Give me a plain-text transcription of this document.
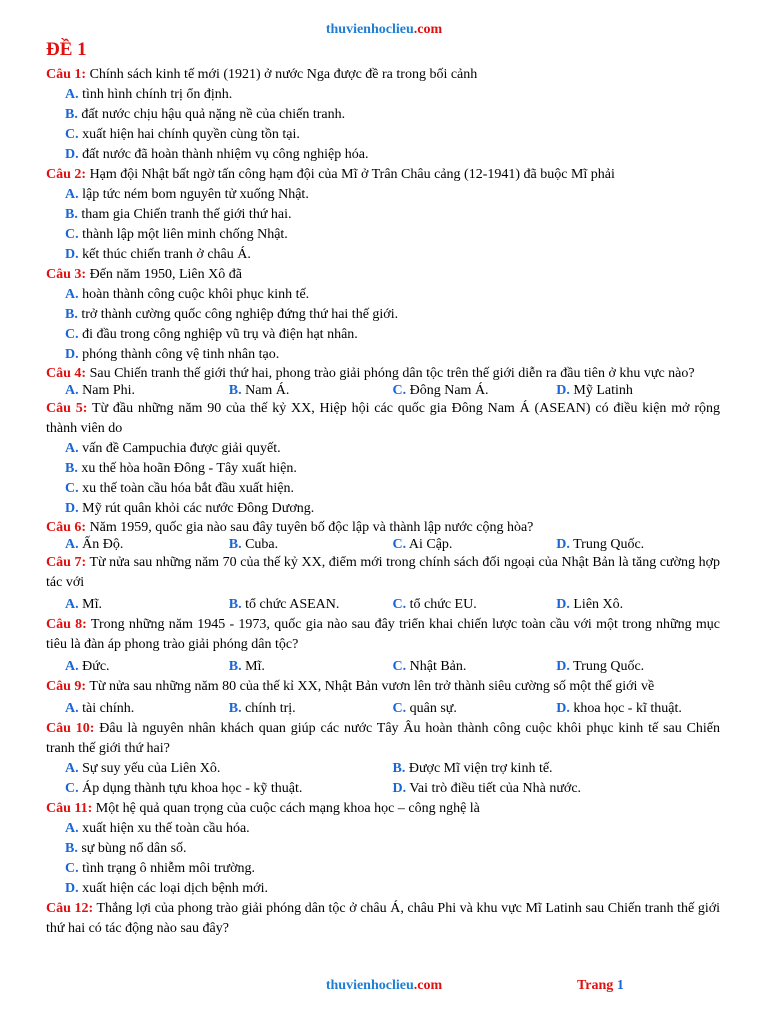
thuvienhoclieu.com
ĐỀ 1
Câu 1: Chính sách kinh tế mới (1921) ở nước Nga được đề ra trong bối cảnh
A. tình hình chính trị ổn định.
B. đất nước chịu hậu quả nặng nề của chiến tranh.
C. xuất hiện hai chính quyền cùng tồn tại.
D. đất nước đã hoàn thành nhiệm vụ công nghiệp hóa.
Câu 2: Hạm đội Nhật bất ngờ tấn công hạm đội của Mĩ ở Trân Châu cảng (12-1941) đã buộc Mĩ phải
A. lập tức ném bom nguyên tử xuống Nhật.
B. tham gia Chiến tranh thế giới thứ hai.
C. thành lập một liên minh chống Nhật.
D. kết thúc chiến tranh ở châu Á.
Câu 3: Đến năm 1950, Liên Xô đã
A. hoàn thành công cuộc khôi phục kinh tế.
B. trở thành cường quốc công nghiệp đứng thứ hai thế giới.
C. đi đầu trong công nghiệp vũ trụ và điện hạt nhân.
D. phóng thành công vệ tinh nhân tạo.
Câu 4: Sau Chiến tranh thế giới thứ hai, phong trào giải phóng dân tộc trên thế giới diễn ra đầu tiên ở khu vực nào?
A. Nam Phi.	B. Nam Á.	C. Đông Nam Á.	D. Mỹ Latinh
Câu 5: Từ đầu những năm 90 của thế kỷ XX, Hiệp hội các quốc gia Đông Nam Á (ASEAN) có điều kiện mở rộng thành viên do
A. vấn đề Campuchia được giải quyết.
B. xu thế hòa hoãn Đông - Tây xuất hiện.
C. xu thế toàn cầu hóa bắt đầu xuất hiện.
D. Mỹ rút quân khỏi các nước Đông Dương.
Câu 6: Năm 1959, quốc gia nào sau đây tuyên bố độc lập và thành lập nước cộng hòa?
A. Ấn Độ.	B. Cuba.	C. Ai Cập.	D. Trung Quốc.
Câu 7: Từ nửa sau những năm 70 của thế kỷ XX, điểm mới trong chính sách đối ngoại của Nhật Bản là tăng cường hợp tác với
A. Mĩ.	B. tổ chức ASEAN.	C. tổ chức EU.	D. Liên Xô.
Câu 8: Trong những năm 1945 - 1973, quốc gia nào sau đây triển khai chiến lược toàn cầu với một trong những mục tiêu là đàn áp phong trào giải phóng dân tộc?
A. Đức.	B. Mĩ.	C. Nhật Bản.	D. Trung Quốc.
Câu 9: Từ nửa sau những năm 80 của thế kỉ XX, Nhật Bản vươn lên trở thành siêu cường số một thế giới về
A. tài chính.	B. chính trị.	C. quân sự.	D. khoa học - kĩ thuật.
Câu 10: Đâu là nguyên nhân khách quan giúp các nước Tây Âu hoàn thành công cuộc khôi phục kinh tế sau Chiến tranh thế giới thứ hai?
A. Sự suy yếu của Liên Xô.	B. Được Mĩ viện trợ kinh tế.
C. Áp dụng thành tựu khoa học - kỹ thuật.	D. Vai trò điều tiết của Nhà nước.
Câu 11: Một hệ quả quan trọng của cuộc cách mạng khoa học – công nghệ là
A. xuất hiện xu thế toàn cầu hóa.
B. sự bùng nổ dân số.
C. tình trạng ô nhiễm môi trường.
D. xuất hiện các loại dịch bệnh mới.
Câu 12: Thắng lợi của phong trào giải phóng dân tộc ở châu Á, châu Phi và khu vực Mĩ Latinh sau Chiến tranh thế giới thứ hai có tác động nào sau đây?
thuvienhoclieu.com	Trang 1
